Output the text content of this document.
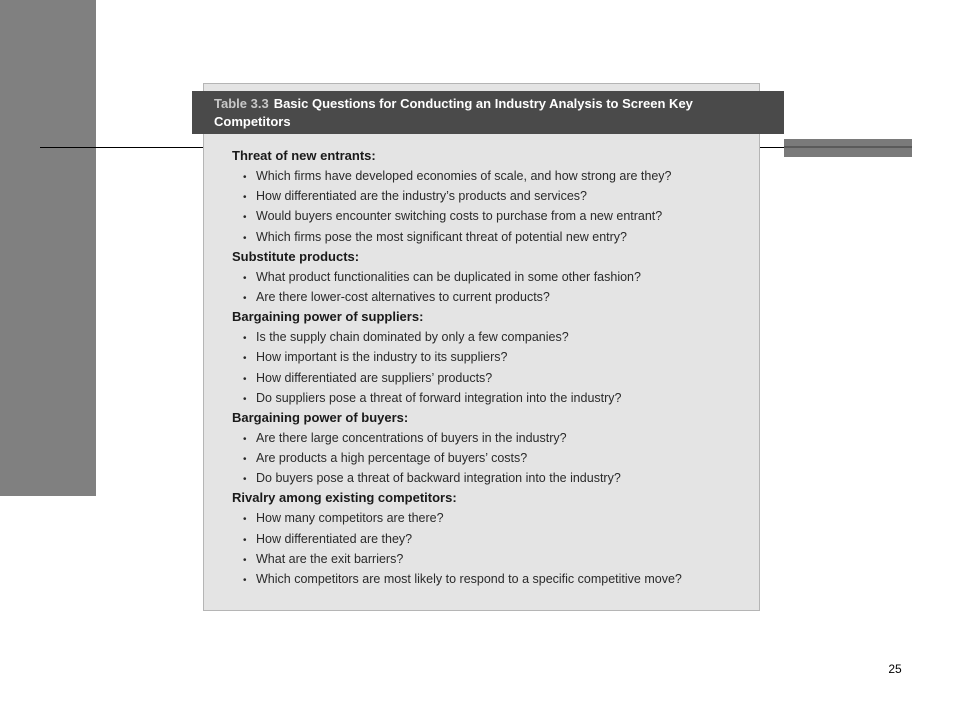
Table 3.3 Basic Questions for Conducting an Industry Analysis to Screen Key
Competitors
Threat of new entrants:
• Which firms have developed economies of scale, and how strong are they?
• How differentiated are the industry’s products and services?
• Would buyers encounter switching costs to purchase from a new entrant?
• Which firms pose the most significant threat of potential new entry?
Substitute products:
• What product functionalities can be duplicated in some other fashion?
• Are there lower-cost alternatives to current products?
Bargaining power of suppliers:
• Is the supply chain dominated by only a few companies?
• How important is the industry to its suppliers?
• How differentiated are suppliers’ products?
• Do suppliers pose a threat of forward integration into the industry?
Bargaining power of buyers:
• Are there large concentrations of buyers in the industry?
• Are products a high percentage of buyers’ costs?
• Do buyers pose a threat of backward integration into the industry?
Rivalry among existing competitors:
• How many competitors are there?
• How differentiated are they?
• What are the exit barriers?
• Which competitors are most likely to respond to a specific competitive move?
25
